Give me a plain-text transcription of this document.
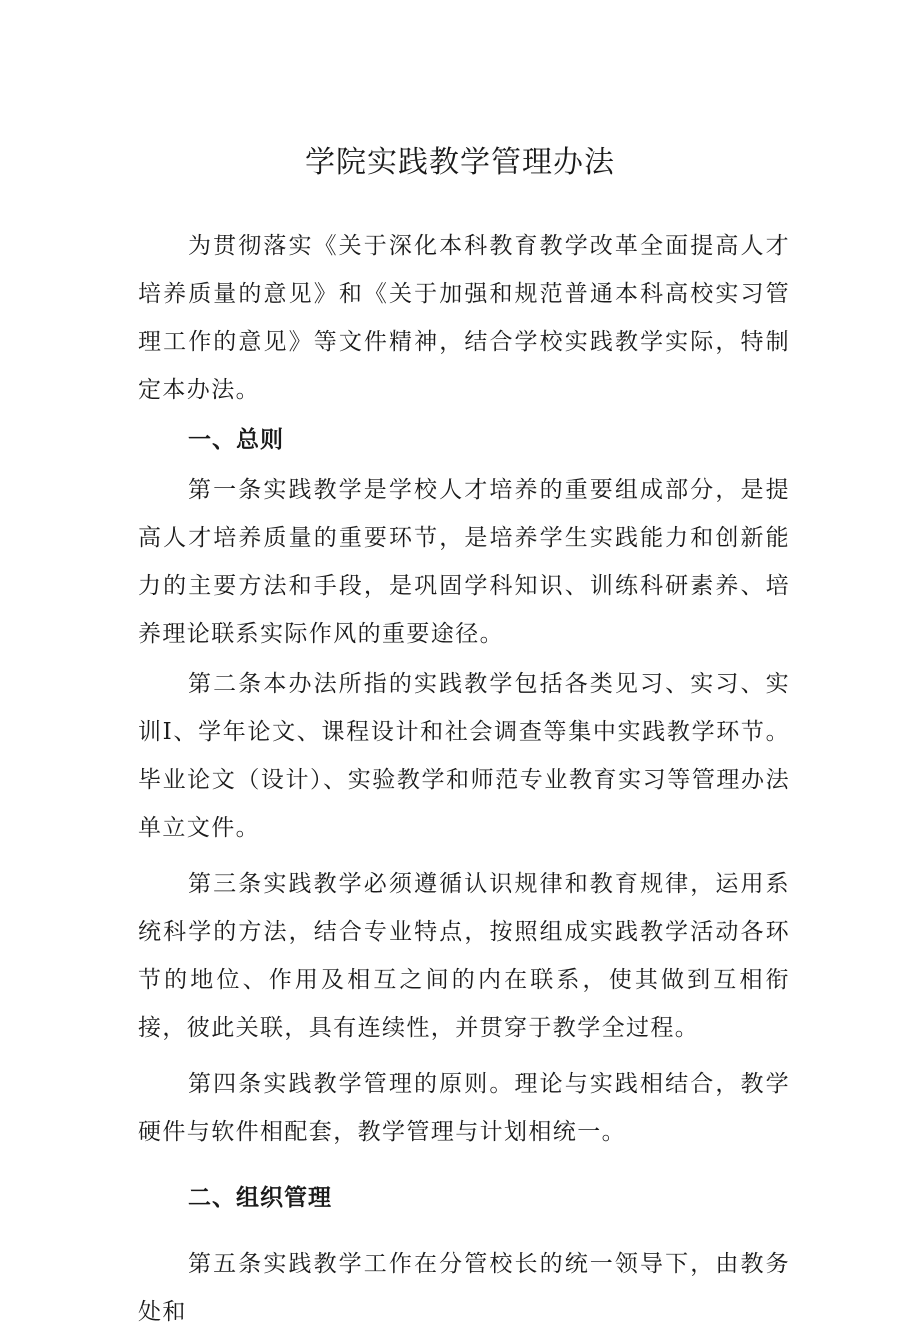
学院实践教学管理办法

为贯彻落实《关于深化本科教育教学改革全面提高人才培养质量的意见》和《关于加强和规范普通本科高校实习管理工作的意见》等文件精神，结合学校实践教学实际，特制定本办法。

一、总则

第一条实践教学是学校人才培养的重要组成部分，是提高人才培养质量的重要环节，是培养学生实践能力和创新能力的主要方法和手段，是巩固学科知识、训练科研素养、培养理论联系实际作风的重要途径。

第二条本办法所指的实践教学包括各类见习、实习、实训I、学年论文、课程设计和社会调查等集中实践教学环节。毕业论文（设计）、实验教学和师范专业教育实习等管理办法单立文件。

第三条实践教学必须遵循认识规律和教育规律，运用系统科学的方法，结合专业特点，按照组成实践教学活动各环节的地位、作用及相互之间的内在联系，使其做到互相衔接，彼此关联，具有连续性，并贯穿于教学全过程。

第四条实践教学管理的原则。理论与实践相结合，教学硬件与软件相配套，教学管理与计划相统一。

二、组织管理

第五条实践教学工作在分管校长的统一领导下，由教务处和
